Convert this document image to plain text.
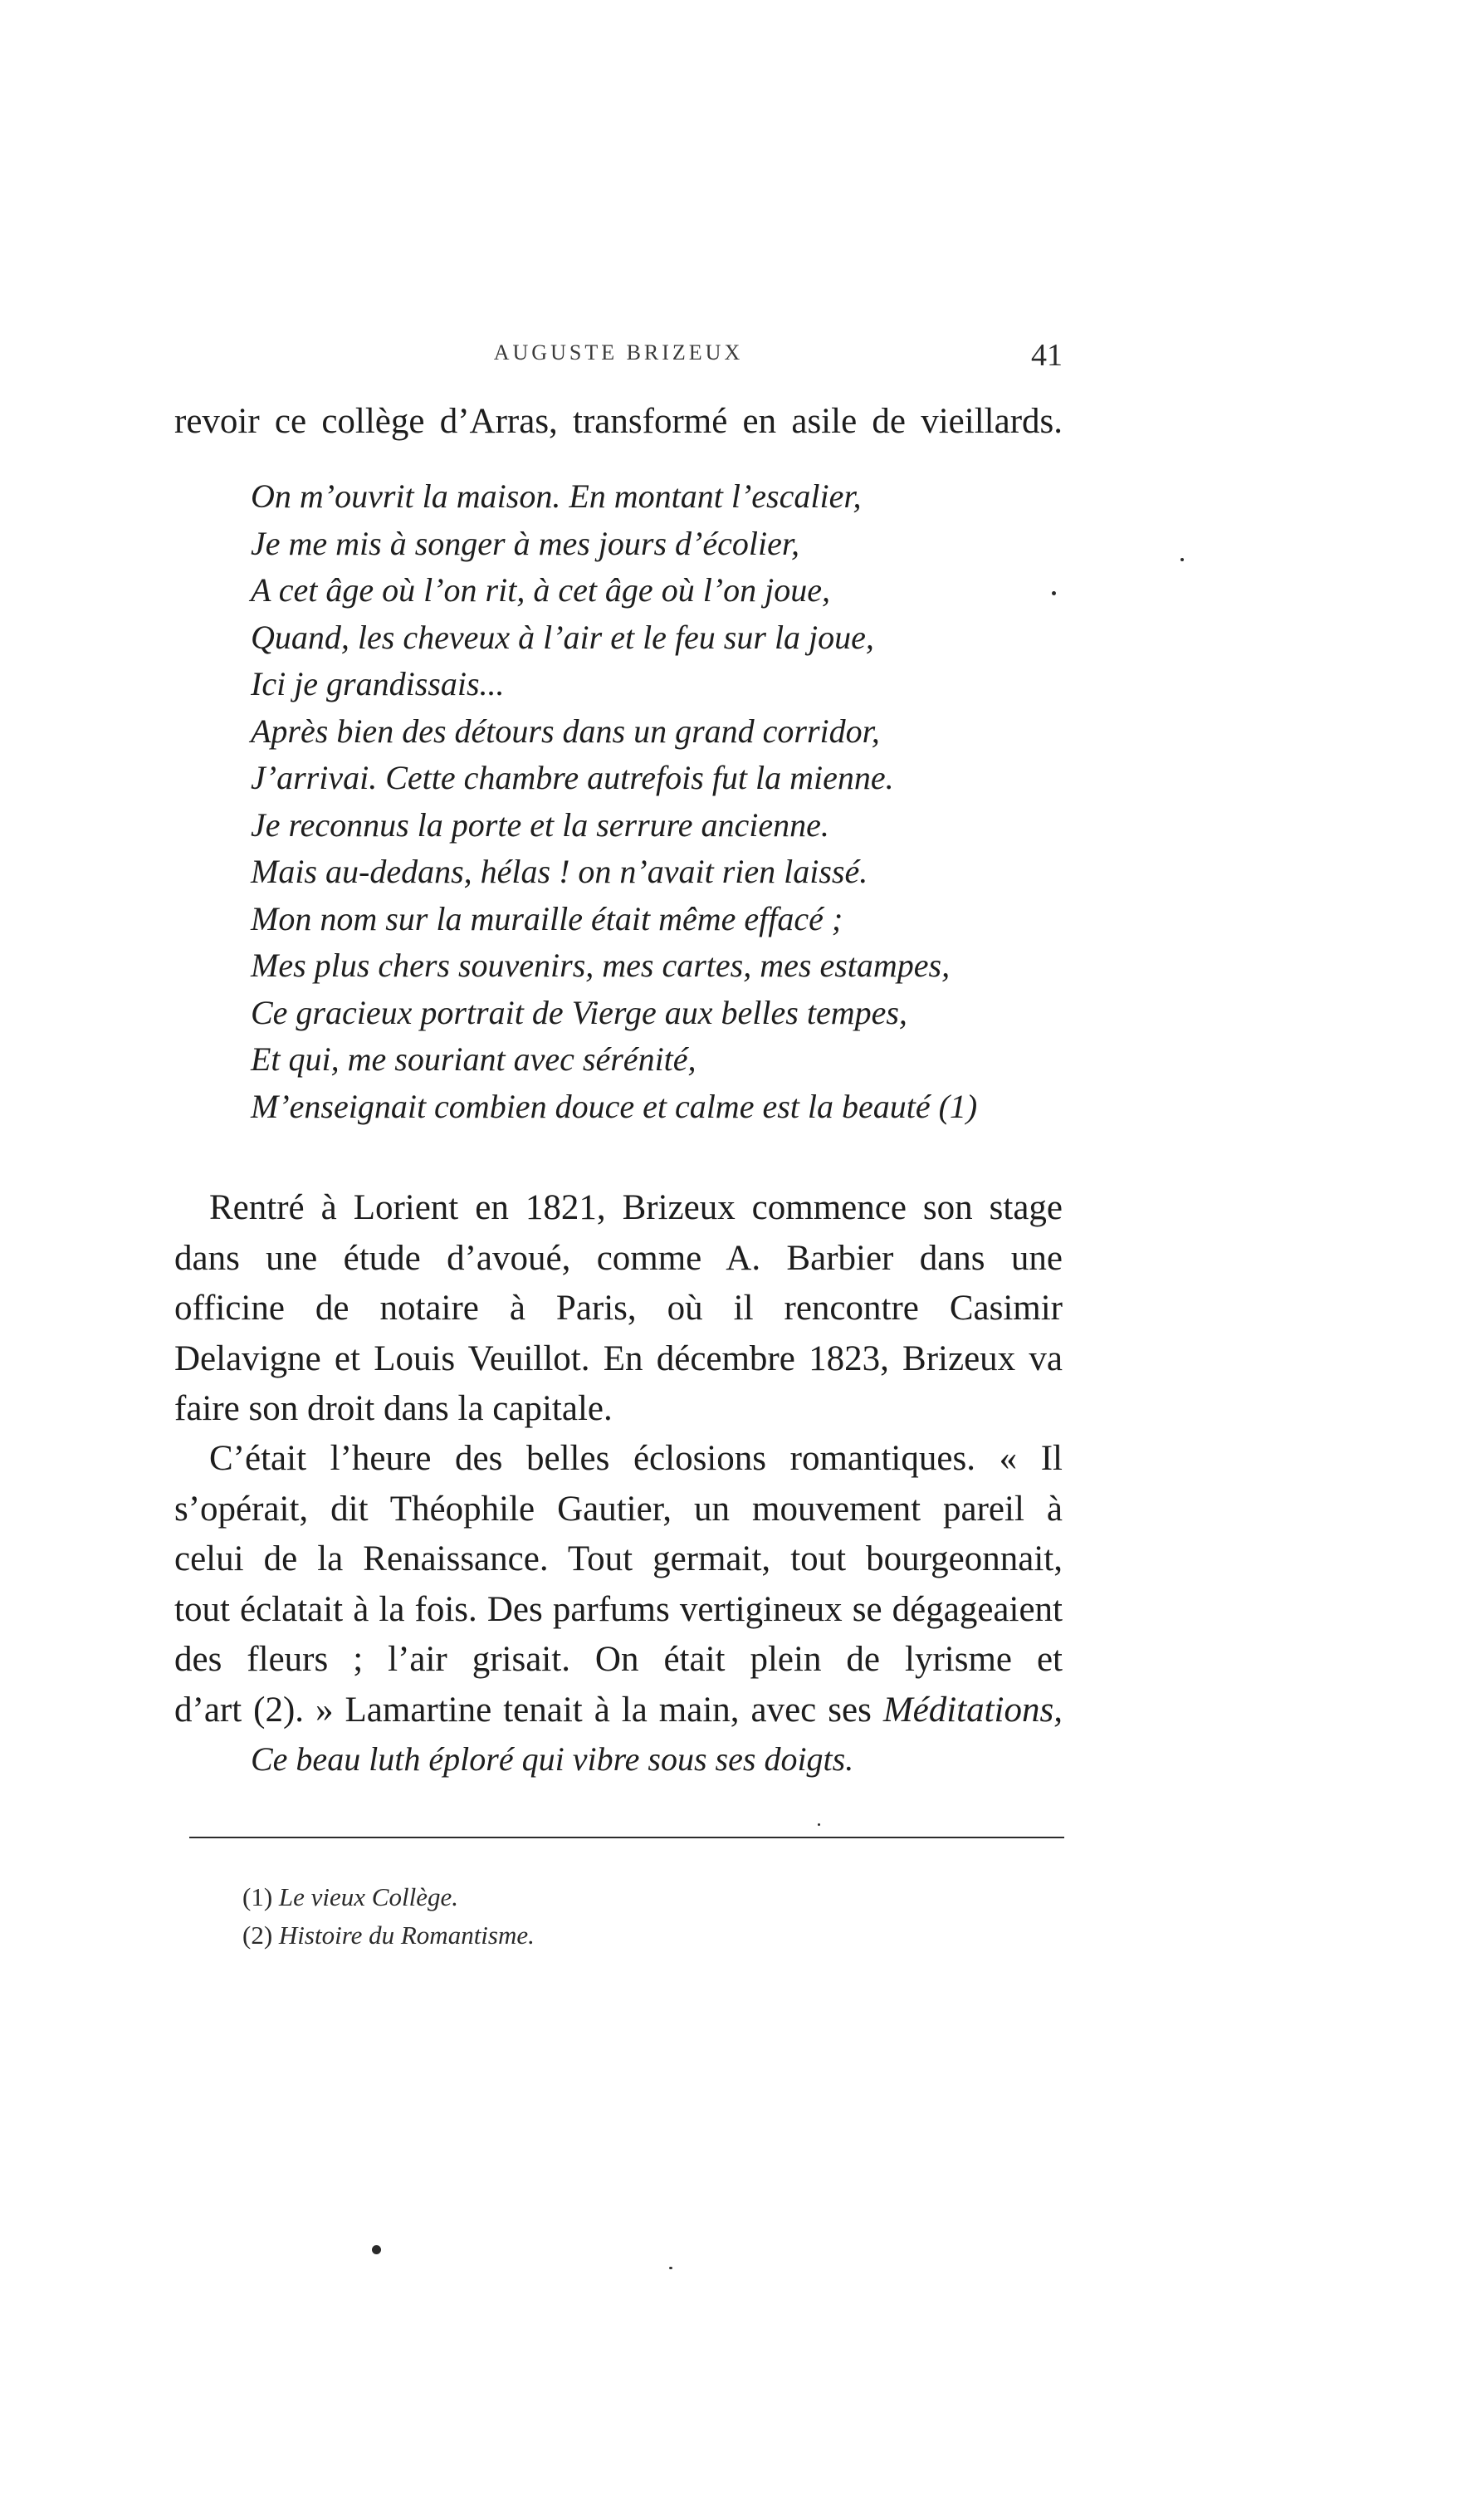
AUGUSTE BRIZEUX	41
revoir ce collège d’Arras, transformé en asile de vieillards.
On m’ouvrit la maison. En montant l’escalier,
Je me mis à songer à mes jours d’écolier,
A cet âge où l’on rit, à cet âge où l’on joue,
Quand, les cheveux à l’air et le feu sur la joue,
Ici je grandissais...
Après bien des détours dans un grand corridor,
J’arrivai. Cette chambre autrefois fut la mienne.
Je reconnus la porte et la serrure ancienne.
Mais au-dedans, hélas ! on n’avait rien laissé.
Mon nom sur la muraille était même effacé ;
Mes plus chers souvenirs, mes cartes, mes estampes,
Ce gracieux portrait de Vierge aux belles tempes,
Et qui, me souriant avec sérénité,
M’enseignait combien douce et calme est la beauté (1)
Rentré à Lorient en 1821, Brizeux commence son stage
dans une étude d’avoué, comme A. Barbier dans une
officine de notaire à Paris, où il rencontre Casimir
Delavigne et Louis Veuillot. En décembre 1823, Brizeux va
faire son droit dans la capitale.
C’était l’heure des belles éclosions romantiques. « Il
s’opérait, dit Théophile Gautier, un mouvement pareil à
celui de la Renaissance. Tout germait, tout bourgeonnait,
tout éclatait à la fois. Des parfums vertigineux se dégageaient
des fleurs ; l’air grisait. On était plein de lyrisme et
d’art (2). » Lamartine tenait à la main, avec ses Méditations,
Ce beau luth éploré qui vibre sous ses doigts.
(1) Le vieux Collège.
(2) Histoire du Romantisme.
